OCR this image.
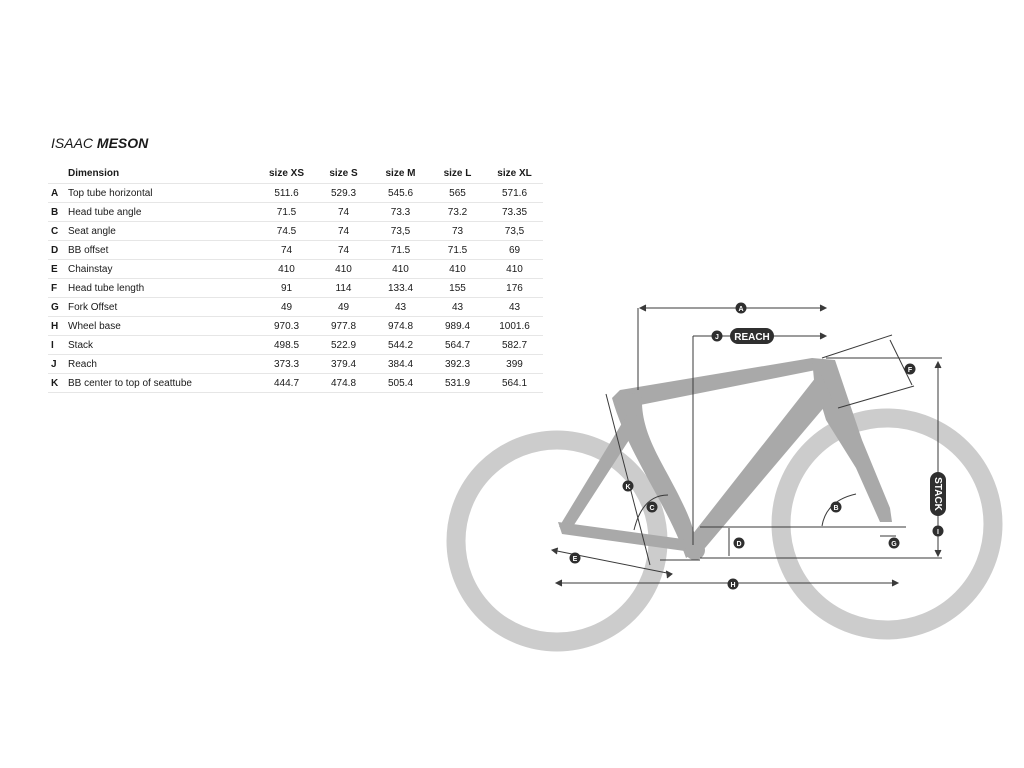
ISAAC MESON
	Dimension	size XS	size S	size M	size L	size XL
A	Top tube horizontal	511.6	529.3	545.6	565	571.6
B	Head tube angle	71.5	74	73.3	73.2	73.35
C	Seat angle	74.5	74	73,5	73	73,5
D	BB offset	74	74	71.5	71.5	69
E	Chainstay	410	410	410	410	410
F	Head tube length	91	114	133.4	155	176
G	Fork Offset	49	49	43	43	43
H	Wheel base	970.3	977.8	974.8	989.4	1001.6
I	Stack	498.5	522.9	544.2	564.7	582.7
J	Reach	373.3	379.4	384.4	392.3	399
K	BB center to top of seattube	444.7	474.8	505.4	531.9	564.1
REACH
STACK
A
J
F
K
C	B
I
D	G
E
H
